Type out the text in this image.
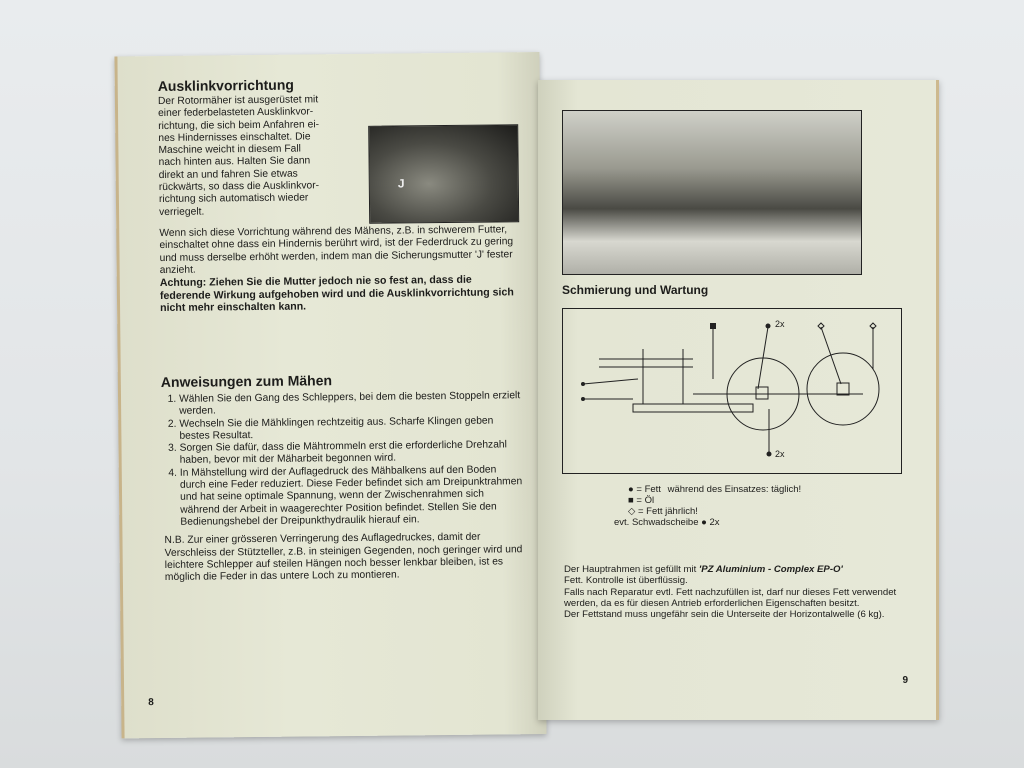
Ausklinkvorrichtung
Der Rotormäher ist ausgerüstet mit
einer federbelasteten Ausklinkvor-
richtung, die sich beim Anfahren ei-
nes Hindernisses einschaltet. Die
Maschine weicht in diesem Fall
nach hinten aus. Halten Sie dann
direkt an und fahren Sie etwas
rückwärts, so dass die Ausklinkvor-
richtung sich automatisch wieder
verriegelt.
J
Wenn sich diese Vorrichtung während des Mähens, z.B. in schwerem Futter, einschaltet ohne dass ein Hindernis berührt wird, ist der Federdruck zu gering und muss derselbe erhöht werden, indem man die Sicherungsmutter 'J' fester anzieht.
Achtung: Ziehen Sie die Mutter jedoch nie so fest an, dass die federende Wirkung aufgehoben wird und die Ausklinkvorrichtung sich nicht mehr einschalten kann.
Anweisungen zum Mähen
1. Wählen Sie den Gang des Schleppers, bei dem die besten Stoppeln erzielt werden.
2. Wechseln Sie die Mähklingen rechtzeitig aus. Scharfe Klingen geben bestes Resultat.
3. Sorgen Sie dafür, dass die Mähtrommeln erst die erforderliche Drehzahl haben, bevor mit der Mäharbeit begonnen wird.
4. In Mähstellung wird der Auflagedruck des Mähbalkens auf den Boden durch eine Feder reduziert. Diese Feder befindet sich am Dreipunktrahmen und hat seine optimale Spannung, wenn der Zwischenrahmen sich während der Arbeit in waagerechter Position befindet. Stellen Sie den Bedienungshebel der Dreipunkthydraulik hierauf ein.
N.B. Zur einer grösseren Verringerung des Auflagedruckes, damit der Verschleiss der Stützteller, z.B. in steinigen Gegenden, noch geringer wird und leichtere Schlepper auf steilen Hängen noch besser lenkbar bleiben, ist es möglich die Feder in das untere Loch zu montieren.
8
Schmierung und Wartung
2x
2x
● = Fett während des Einsatzes: täglich!
■ = Öl
◇ = Fett jährlich!
evt. Schwadscheibe ● 2x
Der Hauptrahmen ist gefüllt mit 'PZ Aluminium - Complex EP-O'
Fett. Kontrolle ist überflüssig.
Falls nach Reparatur evtl. Fett nachzufüllen ist, darf nur dieses Fett verwendet werden, da es für diesen Antrieb erforderlichen Eigenschaften besitzt.
Der Fettstand muss ungefähr sein die Unterseite der Horizontalwelle (6 kg).
9
